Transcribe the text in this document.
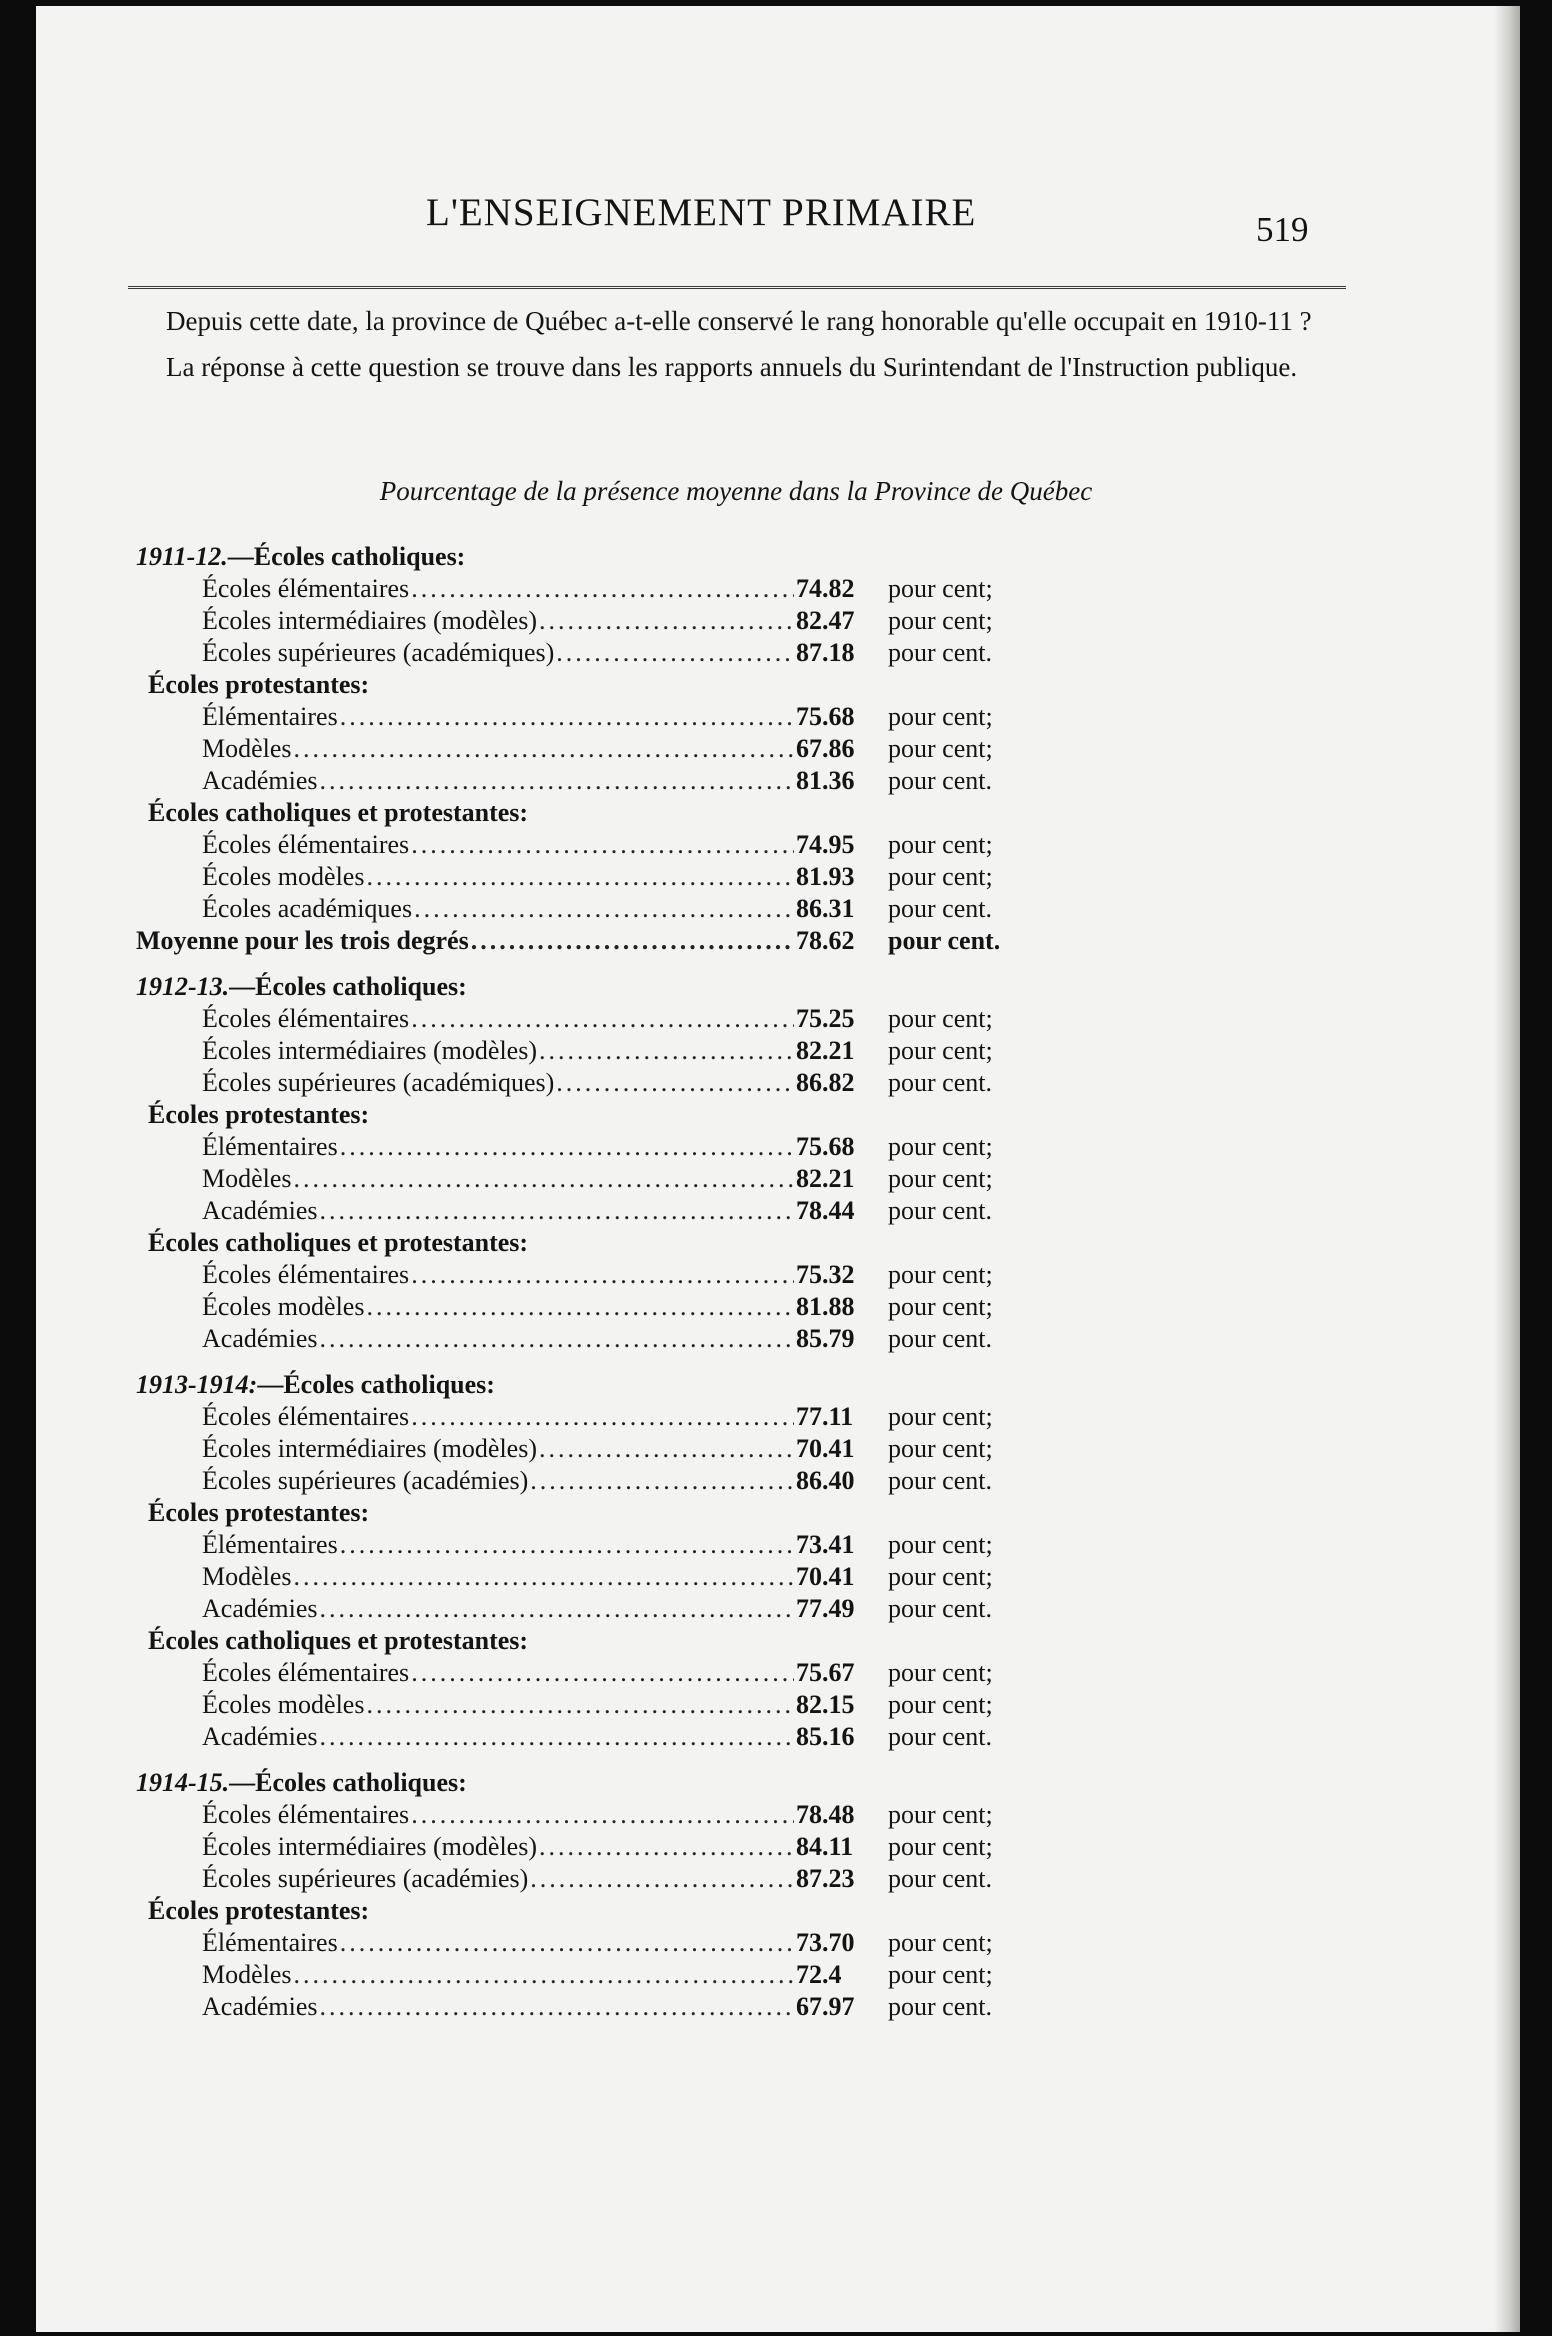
L'ENSEIGNEMENT PRIMAIRE	519

Depuis cette date, la province de Québec a-t-elle conservé le rang honorable qu'elle occupait en 1910-11 ?

La réponse à cette question se trouve dans les rapports annuels du Surintendant de l'Instruction publique.

Pourcentage de la présence moyenne dans la Province de Québec
1911-12. — Écoles catholiques:
Écoles élémentaires .....	74.82	pour cent;
Écoles intermédiaires (modèles) .....	82.47	pour cent;
Écoles supérieures (académiques) .....	87.18	pour cent.
Écoles protestantes:
Élémentaires .....	75.68	pour cent;
Modèles .....	67.86	pour cent;
Académies .....	81.36	pour cent.
Écoles catholiques et protestantes:
Écoles élémentaires .....	74.95	pour cent;
Écoles modèles .....	81.93	pour cent;
Écoles académiques .....	86.31	pour cent.
Moyenne pour les trois degrés .....	78.62	pour cent.
1912-13. — Écoles catholiques:
Écoles élémentaires .....	75.25	pour cent;
Écoles intermédiaires (modèles) .....	82.21	pour cent;
Écoles supérieures (académiques) .....	86.82	pour cent.
Écoles protestantes:
Élémentaires .....	75.68	pour cent;
Modèles .....	82.21	pour cent;
Académies .....	78.44	pour cent.
Écoles catholiques et protestantes:
Écoles élémentaires .....	75.32	pour cent;
Écoles modèles .....	81.88	pour cent;
Académies .....	85.79	pour cent.
1913-1914: — Écoles catholiques:
Écoles élémentaires .....	77.11	pour cent;
Écoles intermédiaires (modèles) .....	70.41	pour cent;
Écoles supérieures (académies) .....	86.40	pour cent.
Écoles protestantes:
Élémentaires .....	73.41	pour cent;
Modèles .....	70.41	pour cent;
Académies .....	77.49	pour cent.
Écoles catholiques et protestantes:
Écoles élémentaires .....	75.67	pour cent;
Écoles modèles .....	82.15	pour cent;
Académies .....	85.16	pour cent.
1914-15. — Écoles catholiques:
Écoles élémentaires .....	78.48	pour cent;
Écoles intermédiaires (modèles) .....	84.11	pour cent;
Écoles supérieures (académies) .....	87.23	pour cent.
Écoles protestantes:
Élémentaires .....	73.70	pour cent;
Modèles .....	72.4	pour cent;
Académies .....	67.97	pour cent.
